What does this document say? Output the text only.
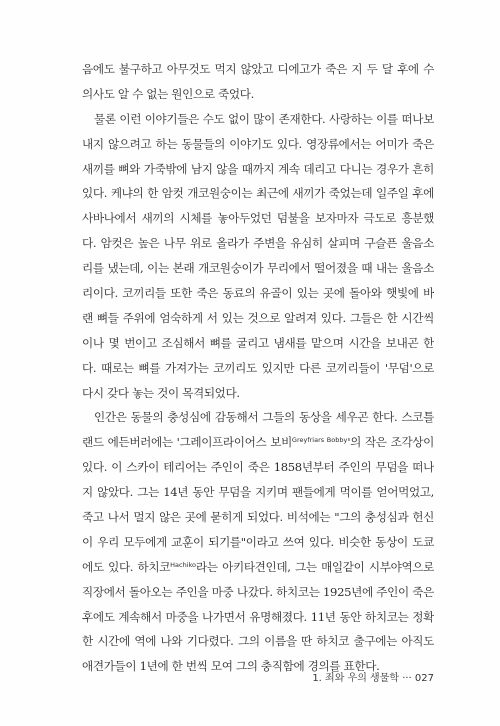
음에도 불구하고 아무것도 먹지 않았고 디에고가 죽은 지 두 달 후에 수
의사도 알 수 없는 원인으로 죽었다.
물론 이런 이야기들은 수도 없이 많이 존재한다. 사랑하는 이를 떠나보
내지 않으려고 하는 동물들의 이야기도 있다. 영장류에서는 어미가 죽은
새끼를 뼈와 가죽밖에 남지 않을 때까지 계속 데리고 다니는 경우가 흔히
있다. 케냐의 한 암컷 개코원숭이는 최근에 새끼가 죽었는데 일주일 후에
사바나에서 새끼의 시체를 놓아두었던 덤불을 보자마자 극도로 흥분했
다. 암컷은 높은 나무 위로 올라가 주변을 유심히 살피며 구슬픈 울음소
리를 냈는데, 이는 본래 개코원숭이가 무리에서 떨어졌을 때 내는 울음소
리이다. 코끼리들 또한 죽은 동료의 유골이 있는 곳에 돌아와 햇빛에 바
랜 뼈들 주위에 엄숙하게 서 있는 것으로 알려져 있다. 그들은 한 시간씩
이나 몇 번이고 조심해서 뼈를 굴리고 냄새를 맡으며 시간을 보내곤 한
다. 때로는 뼈를 가져가는 코끼리도 있지만 다른 코끼리들이 '무덤'으로
다시 갖다 놓는 것이 목격되었다.
인간은 동물의 충성심에 감동해서 그들의 동상을 세우곤 한다. 스코틀
랜드 에든버러에는 '그레이프라이어스 보비$^{Greyfriars Bobby}$'의 작은 조각상이
있다. 이 스카이 테리어는 주인이 죽은 1858년부터 주인의 무덤을 떠나
지 않았다. 그는 14년 동안 무덤을 지키며 팬들에게 먹이를 얻어먹었고,
죽고 나서 멀지 않은 곳에 묻히게 되었다. 비석에는 "그의 충성심과 헌신
이 우리 모두에게 교훈이 되기를"이라고 쓰여 있다. 비슷한 동상이 도쿄
에도 있다. 하치코$^{Hachiko}$라는 아키타견인데, 그는 매일같이 시부야역으로
직장에서 돌아오는 주인을 마중 나갔다. 하치코는 1925년에 주인이 죽은
후에도 계속해서 마중을 나가면서 유명해졌다. 11년 동안 하치코는 정확
한 시간에 역에 나와 기다렸다. 그의 이름을 딴 하치코 출구에는 아직도
애견가들이 1년에 한 번씩 모여 그의 충직함에 경의를 표한다.
1. 죄와 우의 생물학 ··· 027
